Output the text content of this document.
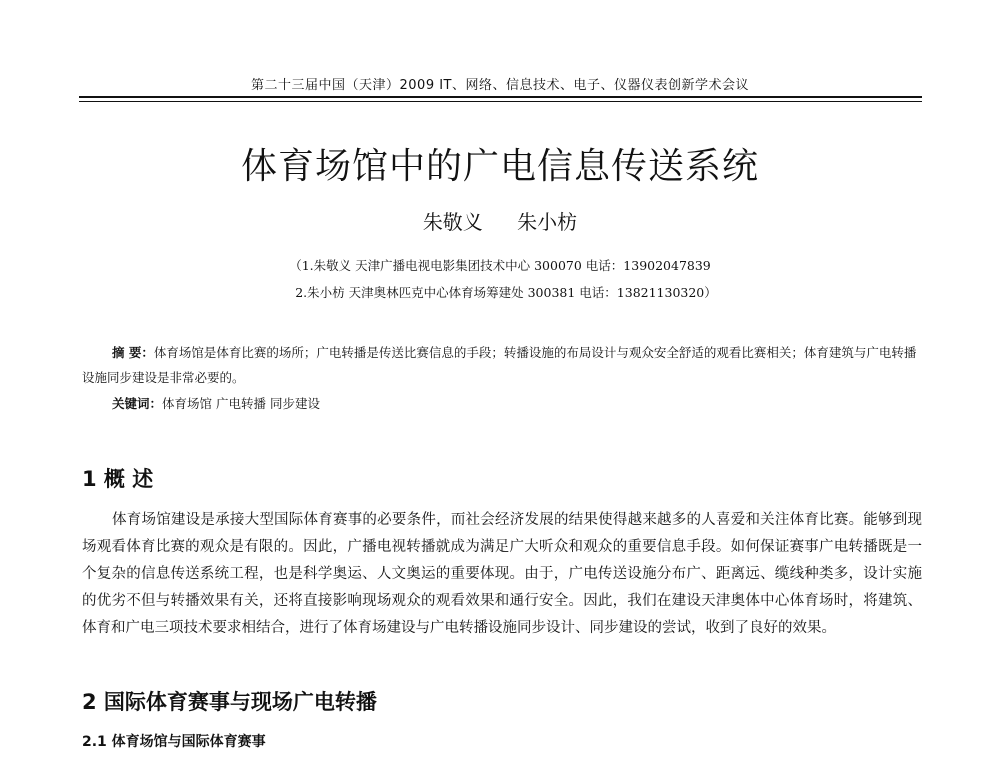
第二十三届中国（天津）2009 IT、网络、信息技术、电子、仪器仪表创新学术会议
体育场馆中的广电信息传送系统
朱敬义 朱小枋
（1.朱敬义 天津广播电视电影集团技术中心 300070 电话：13902047839
2.朱小枋 天津奥林匹克中心体育场筹建处 300381 电话：13821130320）
摘 要：体育场馆是体育比赛的场所；广电转播是传送比赛信息的手段；转播设施的布局设计与观众安全舒适的观看比赛相关；体育建筑与广电转播设施同步建设是非常必要的。
关键词：体育场馆 广电转播 同步建设
1 概 述
体育场馆建设是承接大型国际体育赛事的必要条件，而社会经济发展的结果使得越来越多的人喜爱和关注体育比赛。能够到现场观看体育比赛的观众是有限的。因此，广播电视转播就成为满足广大听众和观众的重要信息手段。如何保证赛事广电转播既是一个复杂的信息传送系统工程，也是科学奥运、人文奥运的重要体现。由于，广电传送设施分布广、距离远、缆线种类多，设计实施的优劣不但与转播效果有关，还将直接影响现场观众的观看效果和通行安全。因此，我们在建设天津奥体中心体育场时，将建筑、体育和广电三项技术要求相结合，进行了体育场建设与广电转播设施同步设计、同步建设的尝试，收到了良好的效果。
2 国际体育赛事与现场广电转播
2.1 体育场馆与国际体育赛事
